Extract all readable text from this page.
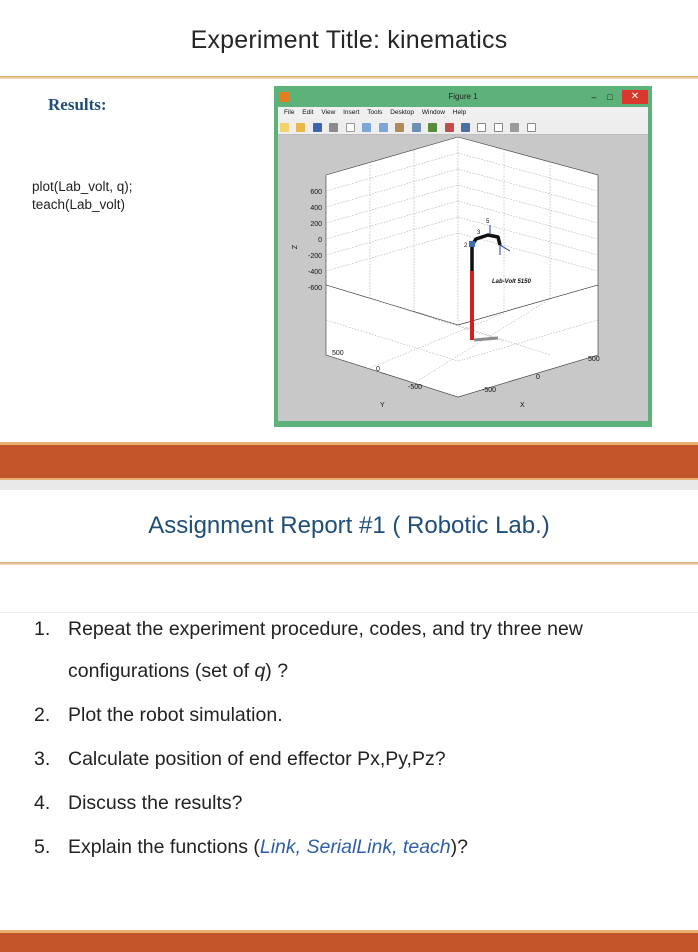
Experiment Title: kinematics
Results:
plot(Lab_volt, q);
teach(Lab_volt)
Figure 1	–	□	✕
File Edit View Insert Tools Desktop Window Help

600
400
200
0
-200
-400
-600
Z
500
0
-500
Y
-500
0
500
X
2
3
5
Lab-Volt 5150
Assignment Report #1 ( Robotic Lab.)
1. Repeat the experiment procedure, codes, and try three new
configurations (set of q) ?
2. Plot the robot simulation.
3. Calculate position of end effector Px,Py,Pz?
4. Discuss the results?
5. Explain the functions (Link, SerialLink, teach)?
